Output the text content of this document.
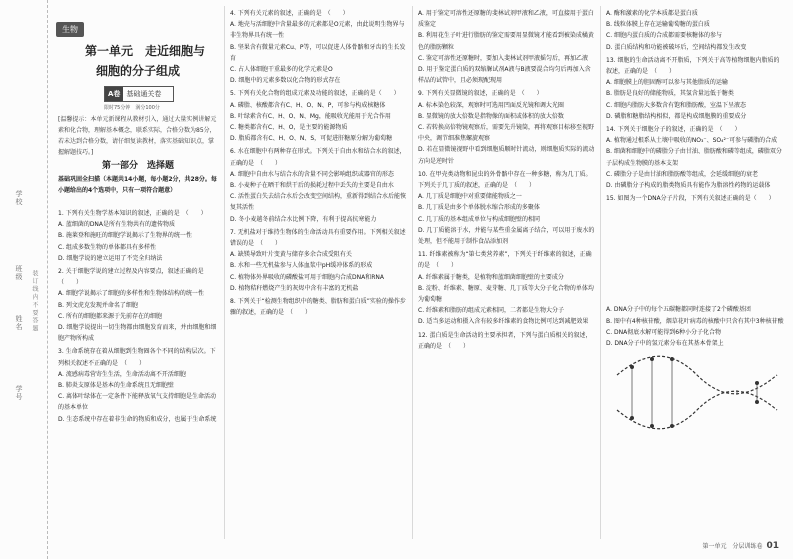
学校
班级
姓名
学号
装 订 线 内 不 要 答 题
生物
第一单元　走近细胞与
细胞的分子组成
A卷 基础通关卷
限时75分钟　满分100分
[温馨提示：本单元新课程从教材引入，通过大量实例讲解元素和化合物，理解基本概念，联系实际，合格分数为85分，若未达到合格分数，请仔细复读教材，落实基础知识点，掌握解题技巧。]
第一部分　选择题
基础巩固全扫描（本题共14小题，每小题2分，共28分。每小题给出的4个选项中，只有一项符合题意）
1. 下列有关生物学基本知识的叙述，正确的是　（　　）
A. 蓝细菌的DNA是所有生物共有的遗传物质
B. 施莱登和施旺的细胞学说揭示了生物界的统一性
C. 组成多数生物的单体都具有多样性
D. 细胞学说的建立运用了不完全归纳法
2. 关于细胞学说的建立过程及内容要点，叙述正确的是（　　）
A. 细胞学说揭示了细胞的多样性和生物体结构的统一性
B. 列文虎克发现并命名了细胞
C. 所有的细胞都来源于先前存在的细胞
D. 细胞学说提出一切生物都由细胞发育而来，并由细胞和细胞产物所构成
3. 生命系统存在着从细胞到生物圈各个不同的结构层次。下列相关叙述不正确的是　（　　）
A. 流感病毒营寄生生活，生命活动离不开活细胞
B. 肺炎支原体是基本的生命系统且无细胞壁
C. 离体叶绿体在一定条件下能释放氧气支持细胞是生命活动的基本单位
D. 生态系统中存在着非生命的物质和成分，也属于生命系统
4. 下列有关元素的叙述，正确的是　（　　）
A. 地壳与活细胞中含量最多的元素都是O元素，由此说明生物界与非生物界具有统一性
B. 坚果含有微量元素Cu、P等，可以促进人体骨骼和牙齿的生长发育
C. 占人体细胞干重最多的化学元素是O
D. 细胞中的元素多数以化合物的形式存在
5. 下列有关化合物的组成元素及功能的叙述，正确的是（　　）
A. 磷脂、核酸都含有C、H、O、N、P，可参与构成核糖体
B. 叶绿素含有C、H、O、N、Mg，能吸收光能用于光合作用
C. 糖类都含有C、H、O，是主要的能源物质
D. 脂质都含有C、H、O、N、S，可促进肝糖原分解为葡萄糖
6. 水在细胞中有两种存在形式。下列关于自由水和结合水的叙述，正确的是　（　　）
A. 细胞中自由水与结合水的含量不同会影响组织或器官的形态
B. 小麦种子在晒干和烘干后的损耗过程中丢失的主要是自由水
C. 活性蛋白失去结合水后会改变空间结构，重新得到结合水后能恢复其活性
D. 冬小麦越冬前结合水比例下降，有利于提高抗寒能力
7. 无机盐对于维持生物体的生命活动具有重要作用。下列相关叙述错误的是　（　　）
A. 缺镁导致叶片变黄与储存多余合成受阻有关
B. 水和一些无机盐参与人体血浆中pH缓冲体系的形成
C. 植物体外界吸收的磷酸盐可用于细胞内合成DNA和RNA
D. 植物秸秆燃烧产生的灰烬中含有丰富的无机盐
8. 下列关于“检测生物组织中的糖类、脂肪和蛋白质”实验的操作步骤的叙述，正确的是　（　　）
A. 用于鉴定可溶性还原糖的斐林试剂甲液和乙液，可直接用于蛋白质鉴定
B. 利用花生子叶进行脂肪的鉴定需要用显微镜才能看到被染成橘黄色的脂肪颗粒
C. 鉴定可溶性还原糖时，要加入斐林试剂甲液摇匀后，再加乙液
D. 用于鉴定蛋白质的双缩脲试剂A液与B液要混合均匀后再加入含样品的试管中，且必须现配现用
9. 下列有关显微镜的叙述，正确的是　（　　）
A. 标本染色较深，观察时可选用凹面反光镜和调大光圈
B. 显微镜的放大倍数是指物像的面积或体积的放大倍数
C. 若转换高倍物镜观察后，需要先升镜筒，再将观察目标移至视野中央，调节细准焦螺旋观察
D. 若在显微镜视野中看到细胞质顺时针流动，则细胞质实际的流动方向是逆时针
10. 在甲壳类动物和昆虫的外骨骼中存在一种多糖，称为几丁质。下列关于几丁质的叙述，正确的是　（　　）
A. 几丁质是细胞中对重要储能物质之一
B. 几丁质是由多个单体脱水缩合形成的多聚体
C. 几丁质的基本组成单位与构成细胞壁的相同
D. 几丁质能溶于水，并能与某些重金属离子结合，可以用于废水的处理，但不能用于制作食品添加剂
11. 纤维素被称为“第七类营养素”，下列关于纤维素的叙述，正确的是　（　　）
A. 纤维素属于糖类，是植物和蓝细菌细胞壁的主要成分
B. 淀粉、纤维素、糖原、麦芽糖、几丁质等大分子化合物的单体均为葡萄糖
C. 纤维素和脂肪的组成元素相同，二者都是生物大分子
D. 适当多运动和摄入含有较多纤维素的食物比例可达到减肥效果
12. 蛋白质是生命活动的主要承担者，下列与蛋白质相关的叙述，正确的是　（　　）
A. 酶和激素的化学本质都是蛋白质
B. 线粒体膜上存在运输葡萄糖的蛋白质
C. 细胞内蛋白质的合成都需要核糖体的参与
D. 蛋白质结构和功能被破坏后，空间结构都发生改变
13. 细胞的生命活动离不开脂质，下列关于高等植物细胞内脂质的叙述，正确的是　（　　）
A. 细胞膜上的胆固醇可以参与其他脂质的运输
B. 脂肪是良好的储能物质，其氢含量远低于糖类
C. 细胞内脂肪大多数含有饱和脂肪酸，室温下呈液态
D. 磷脂和糖脂结构相似，都是构成细胞膜的重要成分
14. 下列关于细胞分子的叙述，正确的是　（　　）
A. 植物通过根系从土壤中吸收的NO₃⁻、SO₄²⁻可参与磷脂的合成
B. 细菌和细胞中的磷脂分子由甘油、脂肪酸和磷等组成，磷脂双分子层构成生物膜的基本支架
C. 磷脂分子是由甘油和脂肪酸等组成，会延缓细胞的衰老
D. 由磷脂分子构成的脂类物质具有能作为脂溶性药物的运载体
15. 如图为一个DNA分子片段，下列有关叙述正确的是（　　）
A. DNA分子中的每个五碳糖都同时连接了2个磷酸基团
B. 图中有4种核苷酸，烟草花叶病毒的核酸中只含有其中3种核苷酸
C. DNA彻底水解可能得到6种小分子化合物
D. DNA分子中的氢元素分布在其基本骨架上
第一单元　分层训练卷 01
